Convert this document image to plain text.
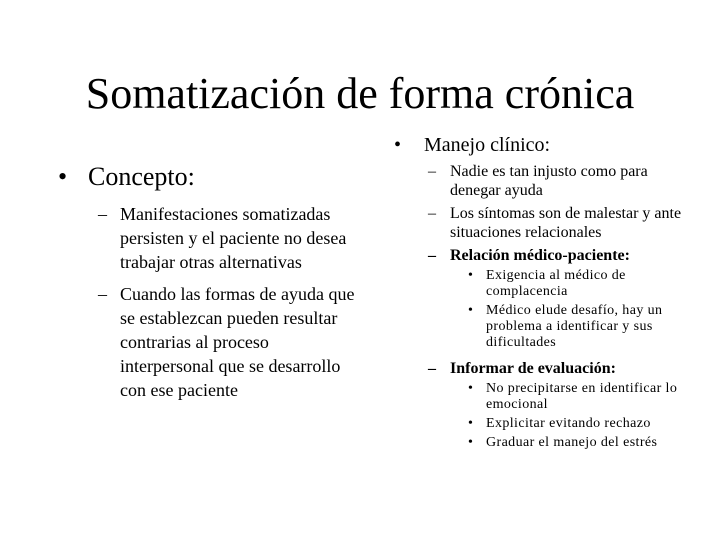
Somatización de forma crónica
• Concepto:
– Manifestaciones somatizadas persisten y el paciente no desea trabajar otras alternativas
– Cuando las formas de ayuda que se establezcan pueden resultar contrarias al proceso interpersonal que se desarrollo con ese paciente
•	Manejo clínico:
– Nadie es tan injusto como para denegar ayuda
– Los síntomas son de malestar y ante situaciones relacionales
– Relación médico-paciente:
• Exigencia al médico de complacencia
• Médico elude desafío, hay un problema a identificar y sus dificultades
– Informar de evaluación:
• No precipitarse en identificar lo emocional
• Explicitar evitando rechazo
• Graduar el manejo del estrés
